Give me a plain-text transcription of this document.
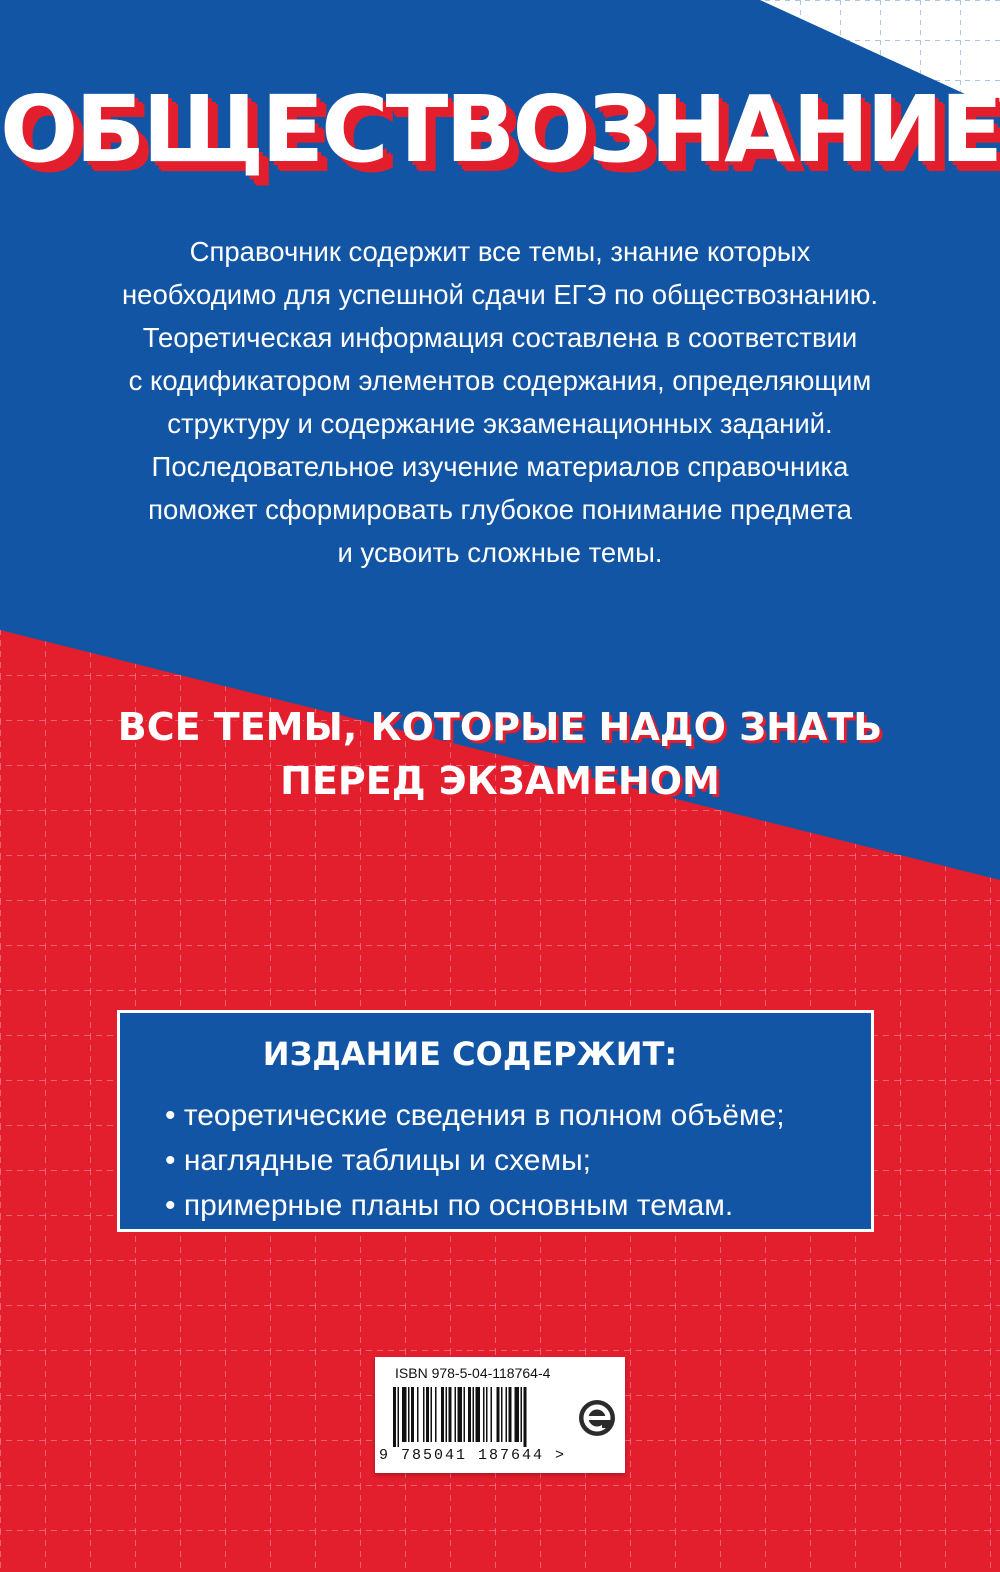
ОБЩЕСТВОЗНАНИЕ
Справочник содержит все темы, знание которых
необходимо для успешной сдачи ЕГЭ по обществознанию.
Теоретическая информация составлена в соответствии
с кодификатором элементов содержания, определяющим
структуру и содержание экзаменационных заданий.
Последовательное изучение материалов справочника
поможет сформировать глубокое понимание предмета
и усвоить сложные темы.
ВСЕ ТЕМЫ, КОТОРЫЕ НАДО ЗНАТЬ
ПЕРЕД ЭКЗАМЕНОМ
ИЗДАНИЕ СОДЕРЖИТ:
• теоретические сведения в полном объёме;
• наглядные таблицы и схемы;
• примерные планы по основным темам.
ISBN 978-5-04-118764-4
9 785041 187644 >
